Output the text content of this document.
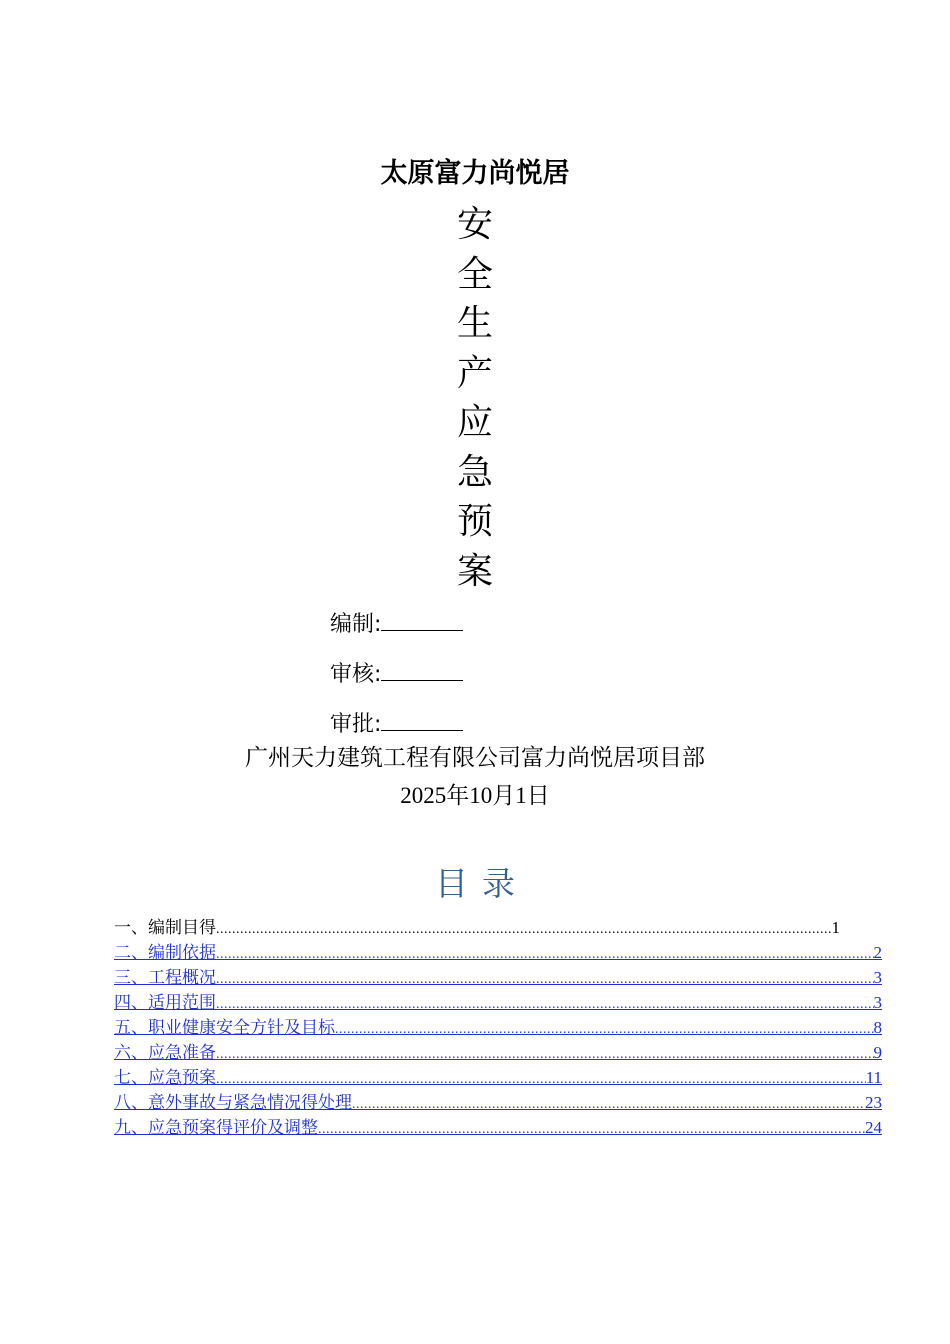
太原富力尚悦居
安
全
生
产
应
急
预
案
编制:
审核:
审批:
广州天力建筑工程有限公司富力尚悦居项目部
2025年10月1日
目录
一、编制目得 .....	1
二、编制依据 .....	2
三、工程概况 .....	3
四、适用范围 .....	3
五、职业健康安全方针及目标 .....	8
六、应急准备 .....	9
七、应急预案 .....	11
八、意外事故与紧急情况得处理 .....	23
九、应急预案得评价及调整 .....	24
